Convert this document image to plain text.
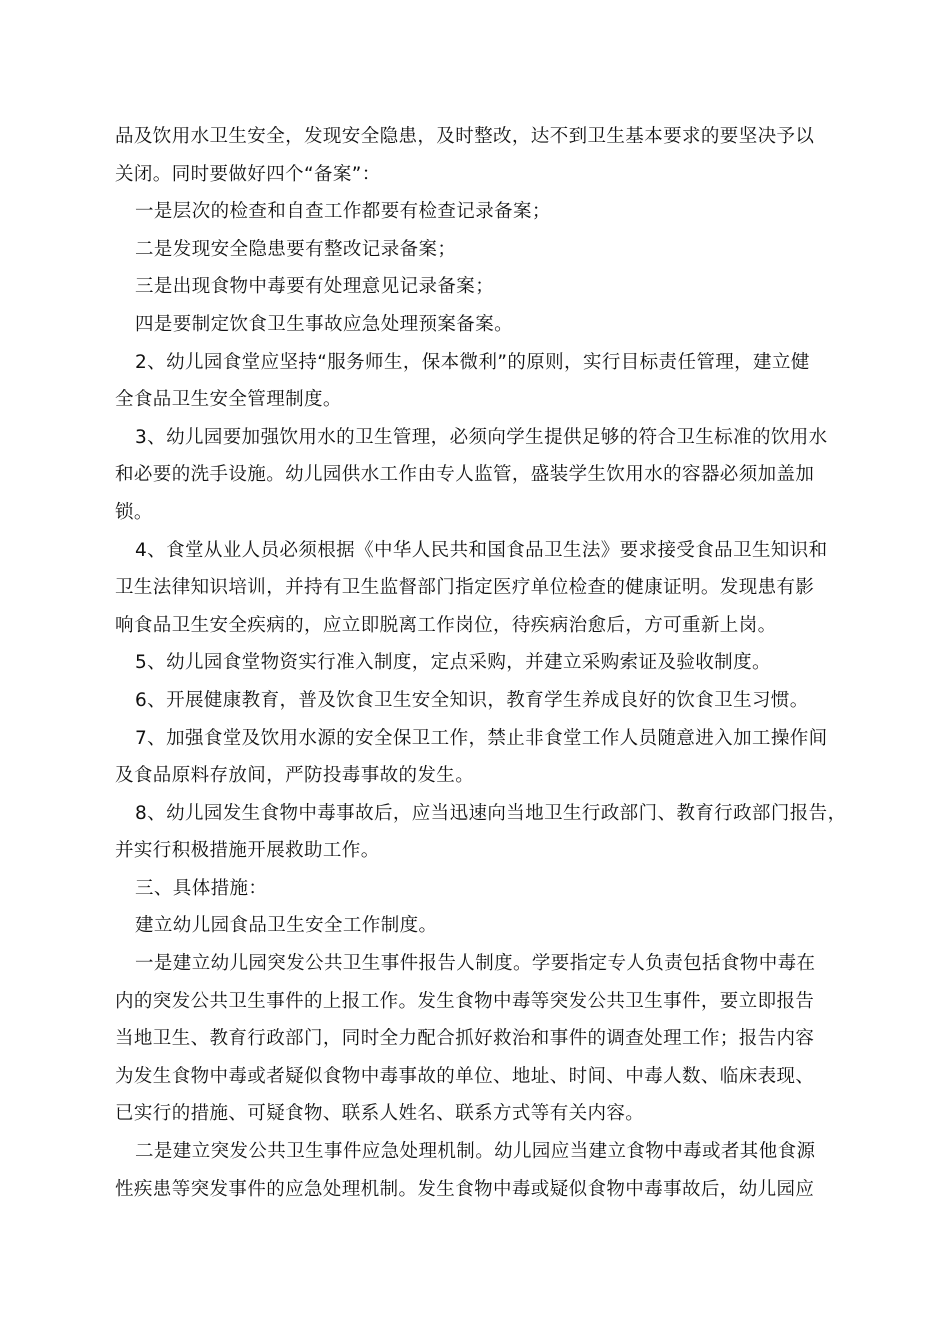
品及饮用水卫生安全，发现安全隐患，及时整改，达不到卫生基本要求的要坚决予以
关闭。同时要做好四个“备案”：
一是层次的检查和自查工作都要有检查记录备案；
二是发现安全隐患要有整改记录备案；
三是出现食物中毒要有处理意见记录备案；
四是要制定饮食卫生事故应急处理预案备案。
2、幼儿园食堂应坚持“服务师生，保本微利”的原则，实行目标责任管理，建立健
全食品卫生安全管理制度。
3、幼儿园要加强饮用水的卫生管理，必须向学生提供足够的符合卫生标准的饮用水
和必要的洗手设施。幼儿园供水工作由专人监管，盛装学生饮用水的容器必须加盖加
锁。
4、食堂从业人员必须根据《中华人民共和国食品卫生法》要求接受食品卫生知识和
卫生法律知识培训，并持有卫生监督部门指定医疗单位检查的健康证明。发现患有影
响食品卫生安全疾病的，应立即脱离工作岗位，待疾病治愈后，方可重新上岗。
5、幼儿园食堂物资实行准入制度，定点采购，并建立采购索证及验收制度。
6、开展健康教育，普及饮食卫生安全知识，教育学生养成良好的饮食卫生习惯。
7、加强食堂及饮用水源的安全保卫工作，禁止非食堂工作人员随意进入加工操作间
及食品原料存放间，严防投毒事故的发生。
8、幼儿园发生食物中毒事故后，应当迅速向当地卫生行政部门、教育行政部门报告，
并实行积极措施开展救助工作。
三、具体措施：
建立幼儿园食品卫生安全工作制度。
一是建立幼儿园突发公共卫生事件报告人制度。学要指定专人负责包括食物中毒在
内的突发公共卫生事件的上报工作。发生食物中毒等突发公共卫生事件，要立即报告
当地卫生、教育行政部门，同时全力配合抓好救治和事件的调查处理工作；报告内容
为发生食物中毒或者疑似食物中毒事故的单位、地址、时间、中毒人数、临床表现、
已实行的措施、可疑食物、联系人姓名、联系方式等有关内容。
二是建立突发公共卫生事件应急处理机制。幼儿园应当建立食物中毒或者其他食源
性疾患等突发事件的应急处理机制。发生食物中毒或疑似食物中毒事故后，幼儿园应
